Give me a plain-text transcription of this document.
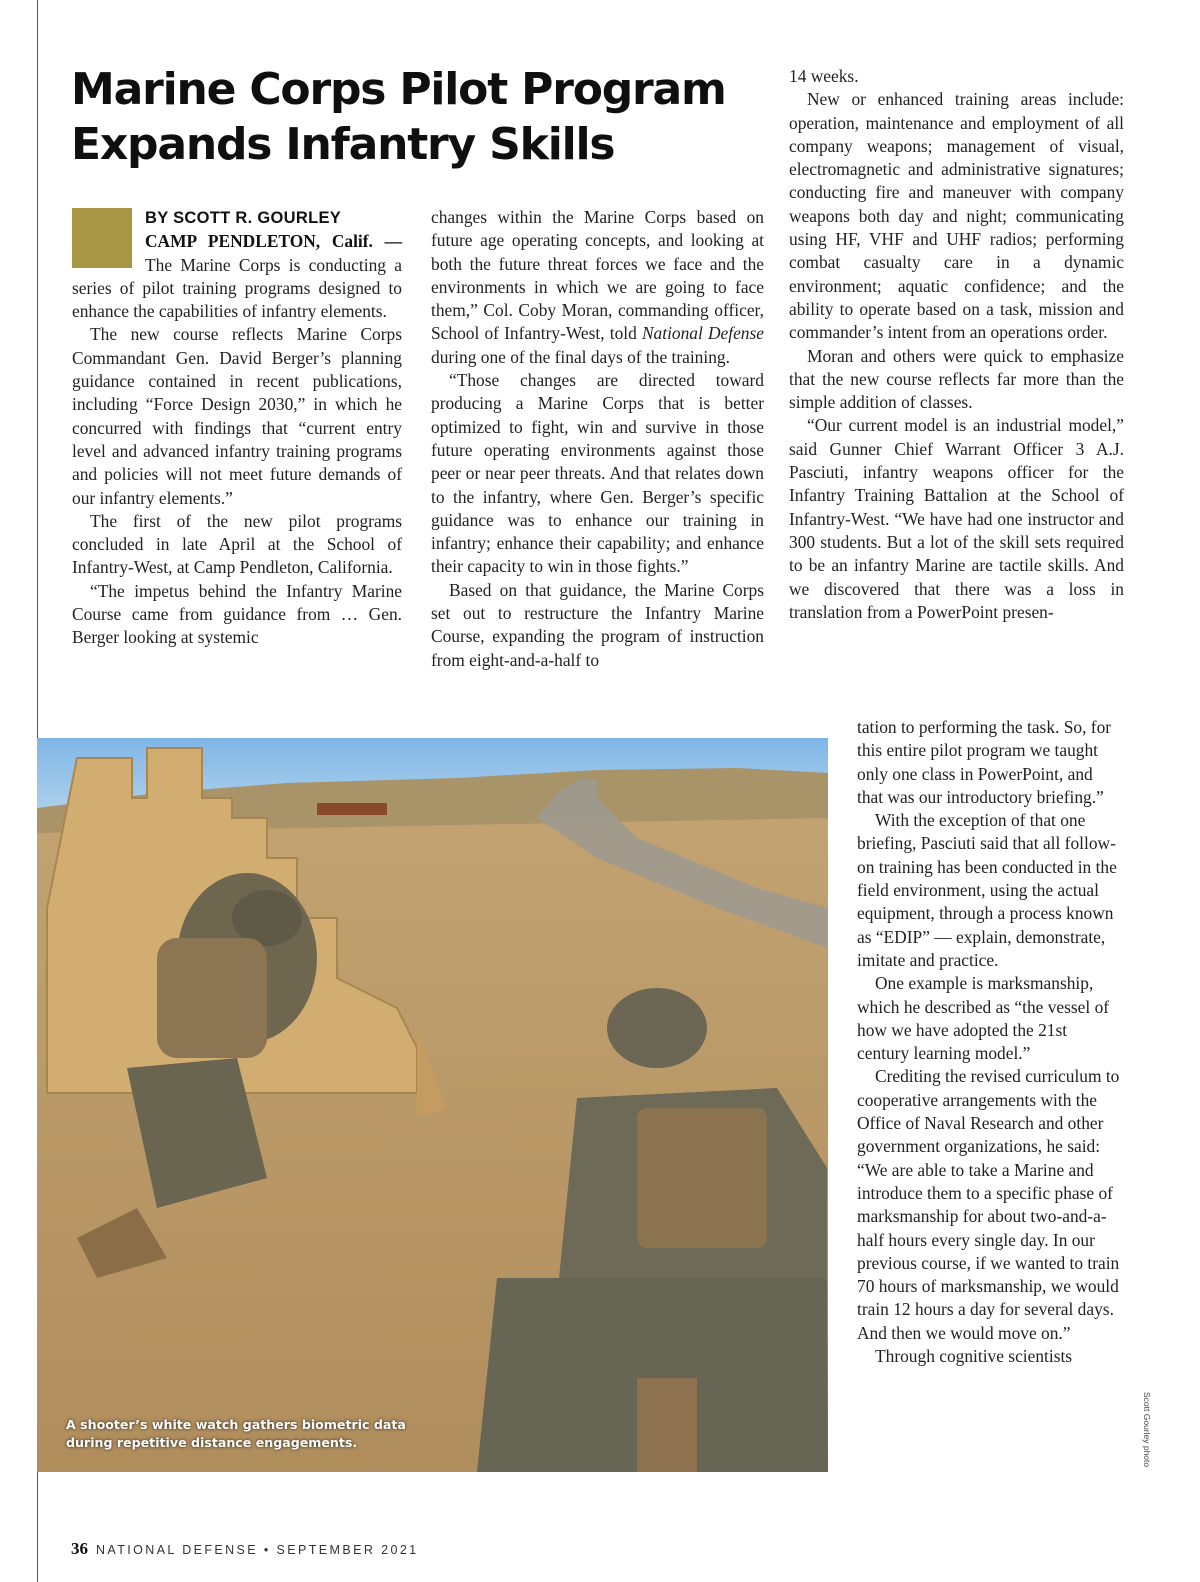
Marine Corps Pilot Program Expands Infantry Skills

BY SCOTT R. GOURLEY
CAMP PENDLETON, Calif. — The Marine Corps is conducting a series of pilot training programs designed to enhance the capabilities of infantry elements.

The new course reflects Marine Corps Commandant Gen. David Berger’s planning guidance contained in recent publications, including “Force Design 2030,” in which he concurred with findings that “current entry level and advanced infantry training programs and policies will not meet future demands of our infantry elements.”

The first of the new pilot programs concluded in late April at the School of Infantry-West, at Camp Pendleton, California.

“The impetus behind the Infantry Marine Course came from guidance from … Gen. Berger looking at systemic

changes within the Marine Corps based on future age operating concepts, and looking at both the future threat forces we face and the environments in which we are going to face them,” Col. Coby Moran, commanding officer, School of Infantry-West, told National Defense during one of the final days of the training.

“Those changes are directed toward producing a Marine Corps that is better optimized to fight, win and survive in those future operating environments against those peer or near peer threats. And that relates down to the infantry, where Gen. Berger’s specific guidance was to enhance our training in infantry; enhance their capability; and enhance their capacity to win in those fights.”

Based on that guidance, the Marine Corps set out to restructure the Infantry Marine Course, expanding the program of instruction from eight-and-a-half to

14 weeks.

New or enhanced training areas include: operation, maintenance and employment of all company weapons; management of visual, electromagnetic and administrative signatures; conducting fire and maneuver with company weapons both day and night; communicating using HF, VHF and UHF radios; performing combat casualty care in a dynamic environment; aquatic confidence; and the ability to operate based on a task, mission and commander’s intent from an operations order.

Moran and others were quick to emphasize that the new course reflects far more than the simple addition of classes.

“Our current model is an industrial model,” said Gunner Chief Warrant Officer 3 A.J. Pasciuti, infantry weapons officer for the Infantry Training Battalion at the School of Infantry-West. “We have had one instructor and 300 students. But a lot of the skill sets required to be an infantry Marine are tactile skills. And we discovered that there was a loss in translation from a PowerPoint presen-

tation to performing the task. So, for this entire pilot program we taught only one class in PowerPoint, and that was our introductory briefing.”

With the exception of that one briefing, Pasciuti said that all follow-on training has been conducted in the field environment, using the actual equipment, through a process known as “EDIP” — explain, demonstrate, imitate and practice.

One example is marksmanship, which he described as “the vessel of how we have adopted the 21st century learning model.”

Crediting the revised curriculum to cooperative arrangements with the Office of Naval Research and other government organizations, he said: “We are able to take a Marine and introduce them to a specific phase of marksmanship for about two-and-a-half hours every single day. In our previous course, if we wanted to train 70 hours of marksmanship, we would train 12 hours a day for several days. And then we would move on.”

Through cognitive scientists

A shooter’s white watch gathers biometric data during repetitive distance engagements.	Scott Gourley photo
36 NATIONAL DEFENSE • SEPTEMBER 2021
